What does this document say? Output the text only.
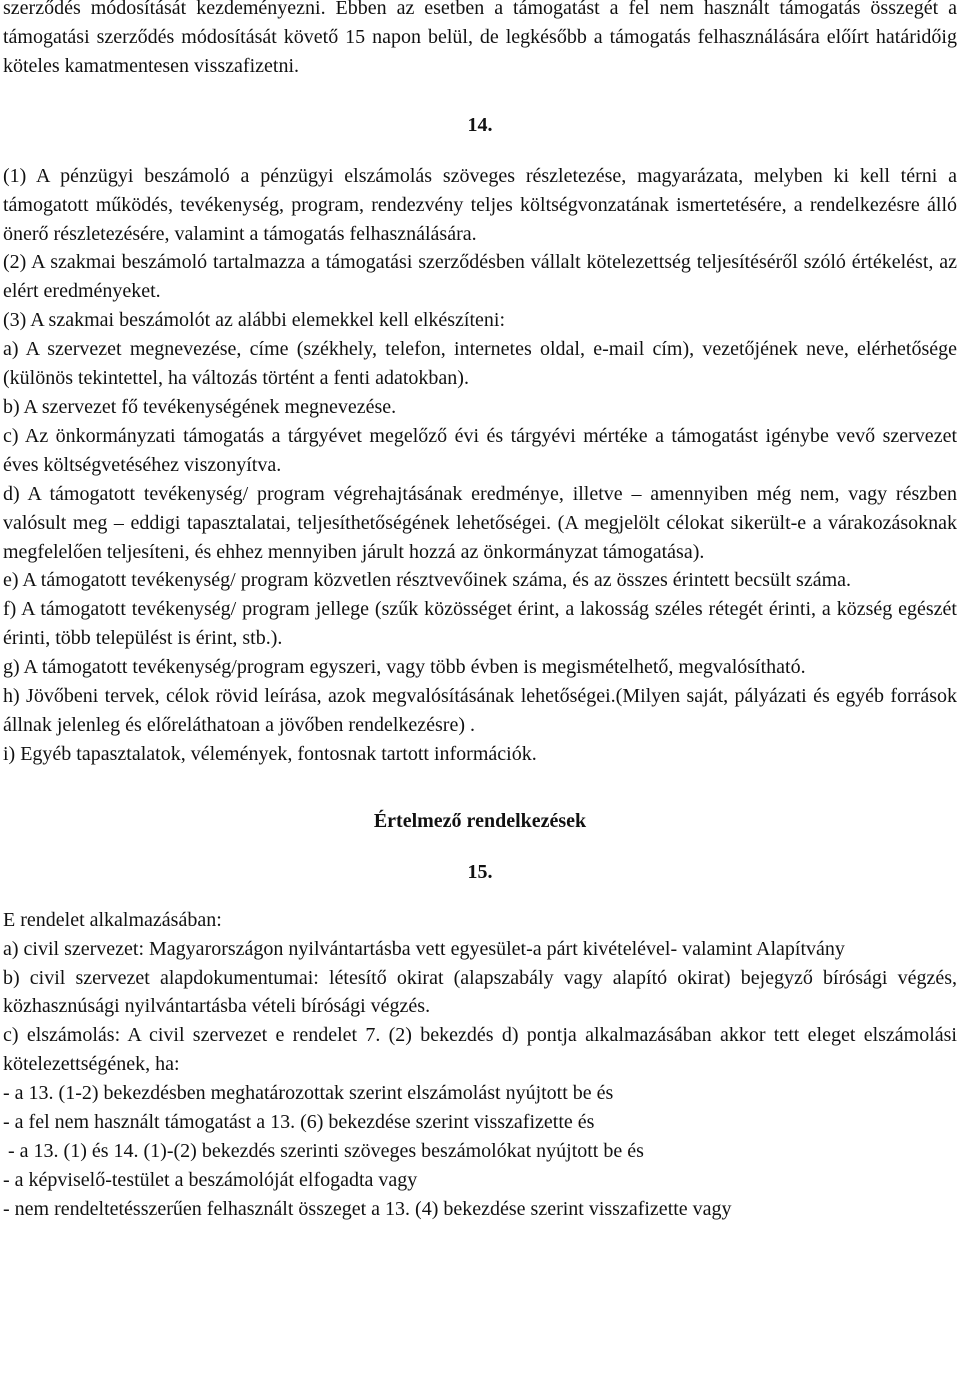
szerződés módosítását kezdeményezni. Ebben az esetben a támogatást a fel nem használt támogatás összegét a támogatási szerződés módosítását követő 15 napon belül, de legkésőbb a támogatás felhasználására előírt határidőig köteles kamatmentesen visszafizetni.

14.

(1) A pénzügyi beszámoló a pénzügyi elszámolás szöveges részletezése, magyarázata, melyben ki kell térni a támogatott működés, tevékenység, program, rendezvény teljes költségvonzatának ismertetésére, a rendelkezésre álló önerő részletezésére, valamint a támogatás felhasználására.

(2) A szakmai beszámoló tartalmazza a támogatási szerződésben vállalt kötelezettség teljesítéséről szóló értékelést, az elért eredményeket.

(3) A szakmai beszámolót az alábbi elemekkel kell elkészíteni:

a) A szervezet megnevezése, címe (székhely, telefon, internetes oldal, e-mail cím), vezetőjének neve, elérhetősége (különös tekintettel, ha változás történt a fenti adatokban).

b) A szervezet fő tevékenységének megnevezése.

c) Az önkormányzati támogatás a tárgyévet megelőző évi és tárgyévi mértéke a támogatást igénybe vevő szervezet éves költségvetéséhez viszonyítva.

d) A támogatott tevékenység/ program végrehajtásának eredménye, illetve – amennyiben még nem, vagy részben valósult meg – eddigi tapasztalatai, teljesíthetőségének lehetőségei. (A megjelölt célokat sikerült-e a várakozásoknak megfelelően teljesíteni, és ehhez mennyiben járult hozzá az önkormányzat támogatása).

e) A támogatott tevékenység/ program közvetlen résztvevőinek száma, és az összes érintett becsült száma.

f) A támogatott tevékenység/ program jellege (szűk közösséget érint, a lakosság széles rétegét érinti, a község egészét érinti, több települést is érint, stb.).

g) A támogatott tevékenység/program egyszeri, vagy több évben is megismételhető, megvalósítható.

h) Jövőbeni tervek, célok rövid leírása, azok megvalósításának lehetőségei.(Milyen saját, pályázati és egyéb források állnak jelenleg és előreláthatoan a jövőben rendelkezésre) .

i) Egyéb tapasztalatok, vélemények, fontosnak tartott információk.

Értelmező rendelkezések

15.

E rendelet alkalmazásában:

a) civil szervezet: Magyarországon nyilvántartásba vett egyesület-a párt kivételével- valamint Alapítvány

b) civil szervezet alapdokumentumai: létesítő okirat (alapszabály vagy alapító okirat) bejegyző bírósági végzés, közhasznúsági nyilvántartásba vételi bírósági végzés.

c) elszámolás: A civil szervezet e rendelet 7. (2) bekezdés d) pontja alkalmazásában akkor tett eleget elszámolási kötelezettségének, ha:

- a 13. (1-2) bekezdésben meghatározottak szerint elszámolást nyújtott be és

- a fel nem használt támogatást a 13. (6) bekezdése szerint visszafizette és

- a 13. (1) és 14. (1)-(2) bekezdés szerinti szöveges beszámolókat nyújtott be és

- a képviselő-testület a beszámolóját elfogadta vagy

- nem rendeltetésszerűen felhasznált összeget a 13. (4) bekezdése szerint visszafizette vagy
